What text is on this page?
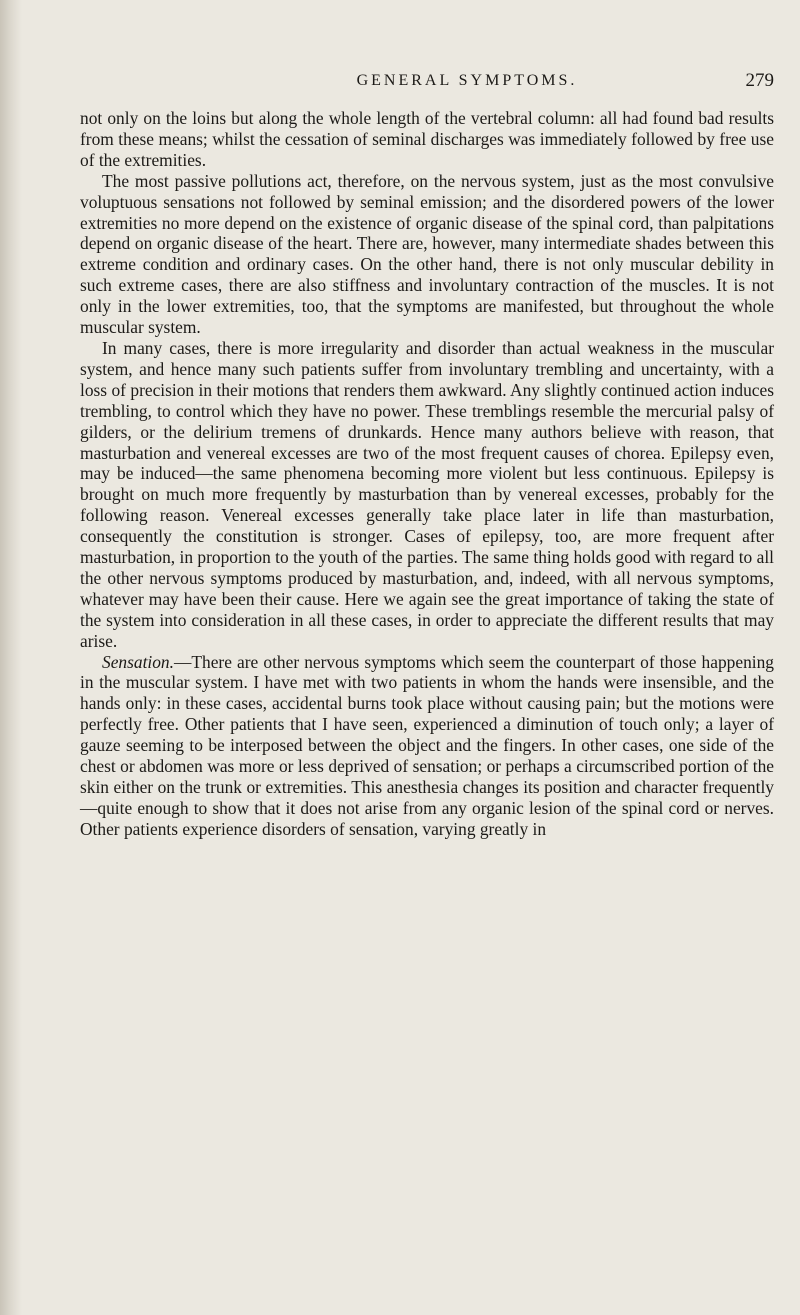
GENERAL SYMPTOMS.	279

not only on the loins but along the whole length of the vertebral column: all had found bad results from these means; whilst the cessation of seminal discharges was immediately followed by free use of the extremities.

The most passive pollutions act, therefore, on the nervous system, just as the most convulsive voluptuous sensations not followed by seminal emission; and the disordered powers of the lower extremities no more depend on the existence of organic disease of the spinal cord, than palpitations depend on organic disease of the heart. There are, however, many intermediate shades between this extreme condition and ordinary cases. On the other hand, there is not only muscular debility in such extreme cases, there are also stiffness and involuntary contraction of the muscles. It is not only in the lower extremities, too, that the symptoms are manifested, but throughout the whole muscular system.

In many cases, there is more irregularity and disorder than actual weakness in the muscular system, and hence many such patients suffer from involuntary trembling and uncertainty, with a loss of precision in their motions that renders them awkward. Any slightly continued action induces trembling, to control which they have no power. These tremblings resemble the mercurial palsy of gilders, or the delirium tremens of drunkards. Hence many authors believe with reason, that masturbation and venereal excesses are two of the most frequent causes of chorea. Epilepsy even, may be induced—the same phenomena becoming more violent but less continuous. Epilepsy is brought on much more frequently by masturbation than by venereal excesses, probably for the following reason. Venereal excesses generally take place later in life than masturbation, consequently the constitution is stronger. Cases of epilepsy, too, are more frequent after masturbation, in proportion to the youth of the parties. The same thing holds good with regard to all the other nervous symptoms produced by masturbation, and, indeed, with all nervous symptoms, whatever may have been their cause. Here we again see the great importance of taking the state of the system into consideration in all these cases, in order to appreciate the different results that may arise.

Sensation.—There are other nervous symptoms which seem the counterpart of those happening in the muscular system. I have met with two patients in whom the hands were insensible, and the hands only: in these cases, accidental burns took place without causing pain; but the motions were perfectly free. Other patients that I have seen, experienced a diminution of touch only; a layer of gauze seeming to be interposed between the object and the fingers. In other cases, one side of the chest or abdomen was more or less deprived of sensation; or perhaps a circumscribed portion of the skin either on the trunk or extremities. This anesthesia changes its position and character frequently—quite enough to show that it does not arise from any organic lesion of the spinal cord or nerves. Other patients experience disorders of sensation, varying greatly in
